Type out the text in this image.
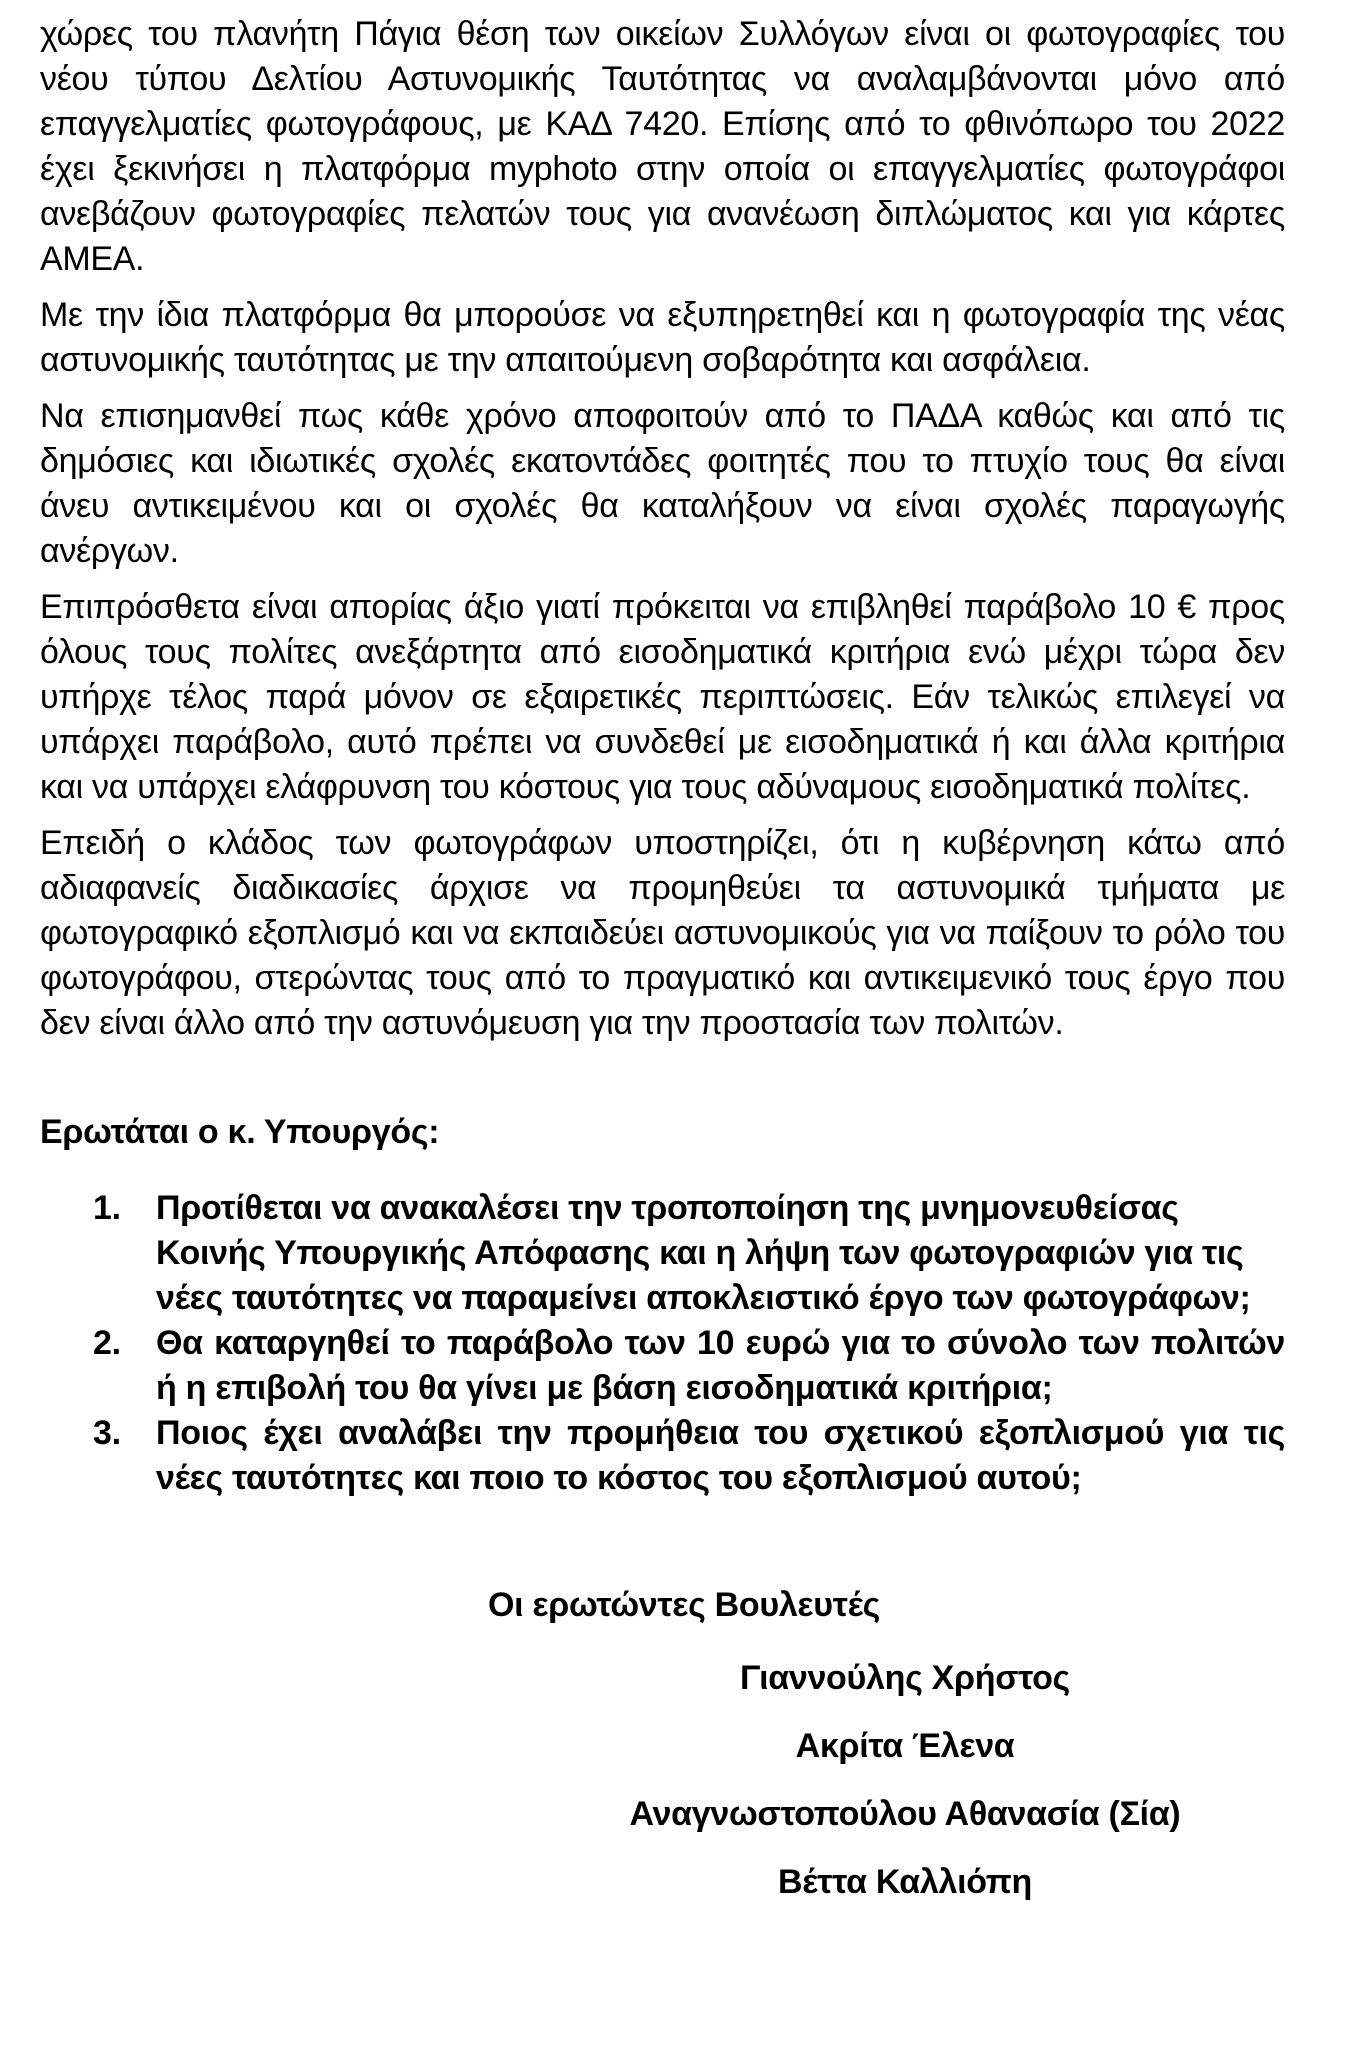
χώρες του πλανήτη Πάγια θέση των οικείων Συλλόγων είναι οι φωτογραφίες του νέου τύπου Δελτίου Αστυνομικής Ταυτότητας να αναλαμβάνονται μόνο από επαγγελματίες φωτογράφους, με ΚΑΔ 7420. Επίσης από το φθινόπωρο του 2022 έχει ξεκινήσει η πλατφόρμα myphoto στην οποία οι επαγγελματίες φωτογράφοι ανεβάζουν φωτογραφίες πελατών τους για ανανέωση διπλώματος και για κάρτες ΑΜΕΑ.

Με την ίδια πλατφόρμα θα μπορούσε να εξυπηρετηθεί και η φωτογραφία της νέας αστυνομικής ταυτότητας με την απαιτούμενη σοβαρότητα και ασφάλεια.

Να επισημανθεί πως κάθε χρόνο αποφοιτούν από το ΠΑΔΑ καθώς και από τις δημόσιες και ιδιωτικές σχολές εκατοντάδες φοιτητές που το πτυχίο τους θα είναι άνευ αντικειμένου και οι σχολές θα καταλήξουν να είναι σχολές παραγωγής ανέργων.

Επιπρόσθετα είναι απορίας άξιο γιατί πρόκειται να επιβληθεί παράβολο 10 € προς όλους τους πολίτες ανεξάρτητα από εισοδηματικά κριτήρια ενώ μέχρι τώρα δεν υπήρχε τέλος παρά μόνον σε εξαιρετικές περιπτώσεις. Εάν τελικώς επιλεγεί να υπάρχει παράβολο, αυτό πρέπει να συνδεθεί με εισοδηματικά ή και άλλα κριτήρια και να υπάρχει ελάφρυνση του κόστους για τους αδύναμους εισοδηματικά πολίτες.

Επειδή ο κλάδος των φωτογράφων υποστηρίζει, ότι η κυβέρνηση κάτω από αδιαφανείς διαδικασίες άρχισε να προμηθεύει τα αστυνομικά τμήματα με φωτογραφικό εξοπλισμό και να εκπαιδεύει αστυνομικούς για να παίξουν το ρόλο του φωτογράφου, στερώντας τους από το πραγματικό και αντικειμενικό τους έργο που δεν είναι άλλο από την αστυνόμευση για την προστασία των πολιτών.

Ερωτάται ο κ. Υπουργός:

1.	Προτίθεται να ανακαλέσει την τροποποίηση της μνημονευθείσας Κοινής Υπουργικής Απόφασης και η λήψη των φωτογραφιών για τις νέες ταυτότητες να παραμείνει αποκλειστικό έργο των φωτογράφων;
2.	Θα καταργηθεί το παράβολο των 10 ευρώ για το σύνολο των πολιτών ή η επιβολή του θα γίνει με βάση εισοδηματικά κριτήρια;
3.	Ποιος έχει αναλάβει την προμήθεια του σχετικού εξοπλισμού για τις νέες ταυτότητες και ποιο το κόστος του εξοπλισμού αυτού;
Οι ερωτώντες Βουλευτές
Γιαννούλης Χρήστος
Ακρίτα Έλενα
Αναγνωστοπούλου Αθανασία (Σία)
Βέττα Καλλιόπη
